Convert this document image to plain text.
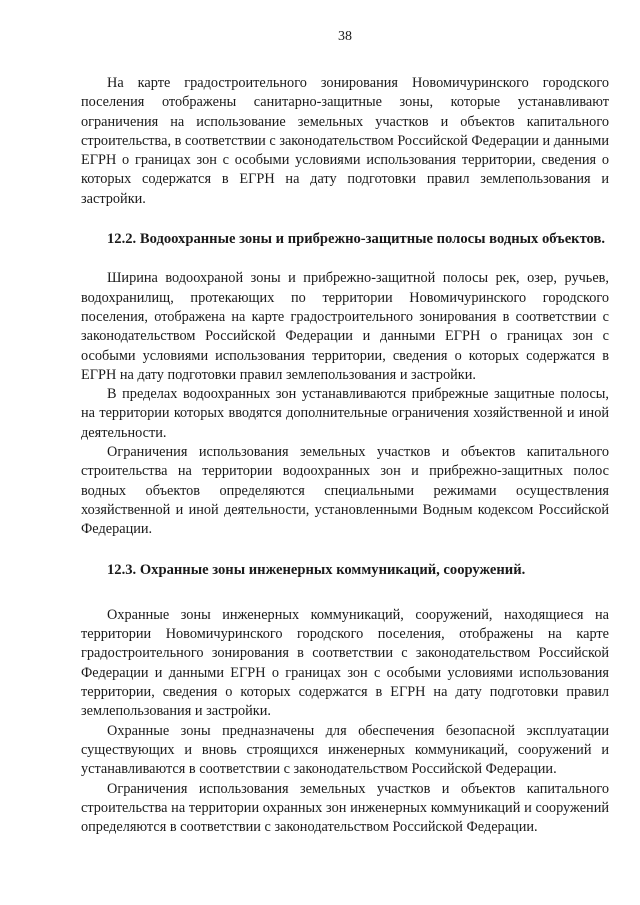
38

На карте градостроительного зонирования Новомичуринского городского поселения отображены санитарно-защитные зоны, которые устанавливают ограничения на использование земельных участков и объектов капитального строительства, в соответствии с законодательством Российской Федерации и данными ЕГРН о границах зон с особыми условиями использования территории, сведения о которых содержатся в ЕГРН на дату подготовки правил землепользования и застройки.

12.2. Водоохранные зоны и прибрежно-защитные полосы водных объектов.

Ширина водоохраной зоны и прибрежно-защитной полосы рек, озер, ручьев, водохранилищ, протекающих по территории Новомичуринского городского поселения, отображена на карте градостроительного зонирования в соответствии с законодательством Российской Федерации и данными ЕГРН о границах зон с особыми условиями использования территории, сведения о которых содержатся в ЕГРН на дату подготовки правил землепользования и застройки.

В пределах водоохранных зон устанавливаются прибрежные защитные полосы, на территории которых вводятся дополнительные ограничения хозяйственной и иной деятельности.

Ограничения использования земельных участков и объектов капитального строительства на территории водоохранных зон и прибрежно-защитных полос водных объектов определяются специальными режимами осуществления хозяйственной и иной деятельности, установленными Водным кодексом Российской Федерации.

12.3. Охранные зоны инженерных коммуникаций, сооружений.

Охранные зоны инженерных коммуникаций, сооружений, находящиеся на территории Новомичуринского городского поселения, отображены на карте градостроительного зонирования в соответствии с законодательством Российской Федерации и данными ЕГРН о границах зон с особыми условиями использования территории, сведения о которых содержатся в ЕГРН на дату подготовки правил землепользования и застройки.

Охранные зоны предназначены для обеспечения безопасной эксплуатации существующих и вновь строящихся инженерных коммуникаций, сооружений и устанавливаются в соответствии с законодательством Российской Федерации.

Ограничения использования земельных участков и объектов капитального строительства на территории охранных зон инженерных коммуникаций и сооружений определяются в соответствии с законодательством Российской Федерации.
